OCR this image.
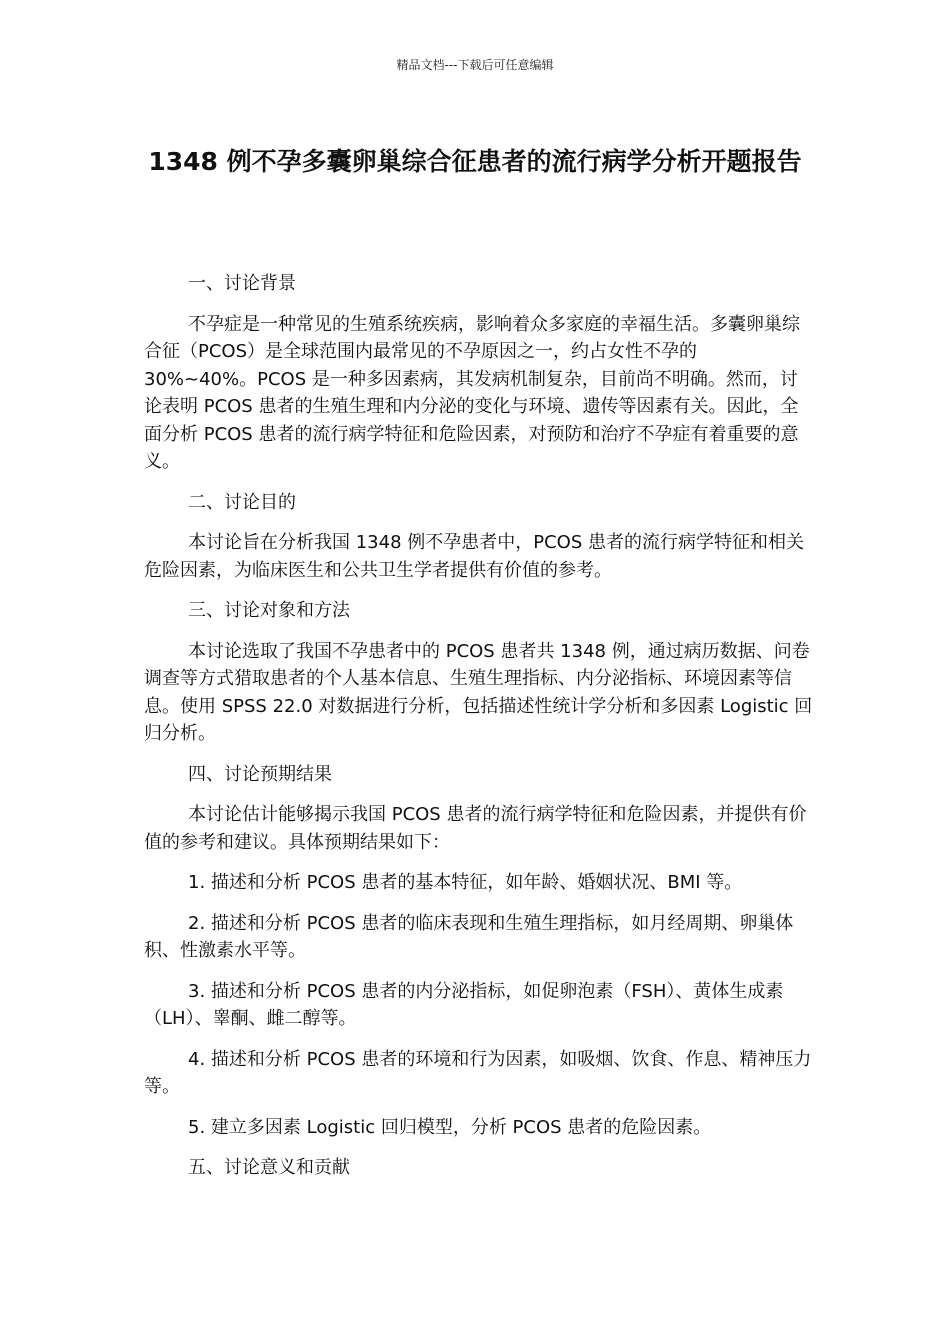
精品文档---下载后可任意编辑
1348 例不孕多囊卵巢综合征患者的流行病学分析开题报告

一、讨论背景

不孕症是一种常见的生殖系统疾病，影响着众多家庭的幸福生活。多囊卵巢综合征（PCOS）是全球范围内最常见的不孕原因之一，约占女性不孕的 30%~40%。PCOS 是一种多因素病，其发病机制复杂，目前尚不明确。然而，讨论表明 PCOS 患者的生殖生理和内分泌的变化与环境、遗传等因素有关。因此，全面分析 PCOS 患者的流行病学特征和危险因素，对预防和治疗不孕症有着重要的意义。

二、讨论目的

本讨论旨在分析我国 1348 例不孕患者中，PCOS 患者的流行病学特征和相关危险因素，为临床医生和公共卫生学者提供有价值的参考。

三、讨论对象和方法

本讨论选取了我国不孕患者中的 PCOS 患者共 1348 例，通过病历数据、问卷调查等方式猎取患者的个人基本信息、生殖生理指标、内分泌指标、环境因素等信息。使用 SPSS 22.0 对数据进行分析，包括描述性统计学分析和多因素 Logistic 回归分析。

四、讨论预期结果

本讨论估计能够揭示我国 PCOS 患者的流行病学特征和危险因素，并提供有价值的参考和建议。具体预期结果如下：

1. 描述和分析 PCOS 患者的基本特征，如年龄、婚姻状况、BMI 等。

2. 描述和分析 PCOS 患者的临床表现和生殖生理指标，如月经周期、卵巢体积、性激素水平等。

3. 描述和分析 PCOS 患者的内分泌指标，如促卵泡素（FSH）、黄体生成素（LH）、睾酮、雌二醇等。

4. 描述和分析 PCOS 患者的环境和行为因素，如吸烟、饮食、作息、精神压力等。

5. 建立多因素 Logistic 回归模型，分析 PCOS 患者的危险因素。

五、讨论意义和贡献
